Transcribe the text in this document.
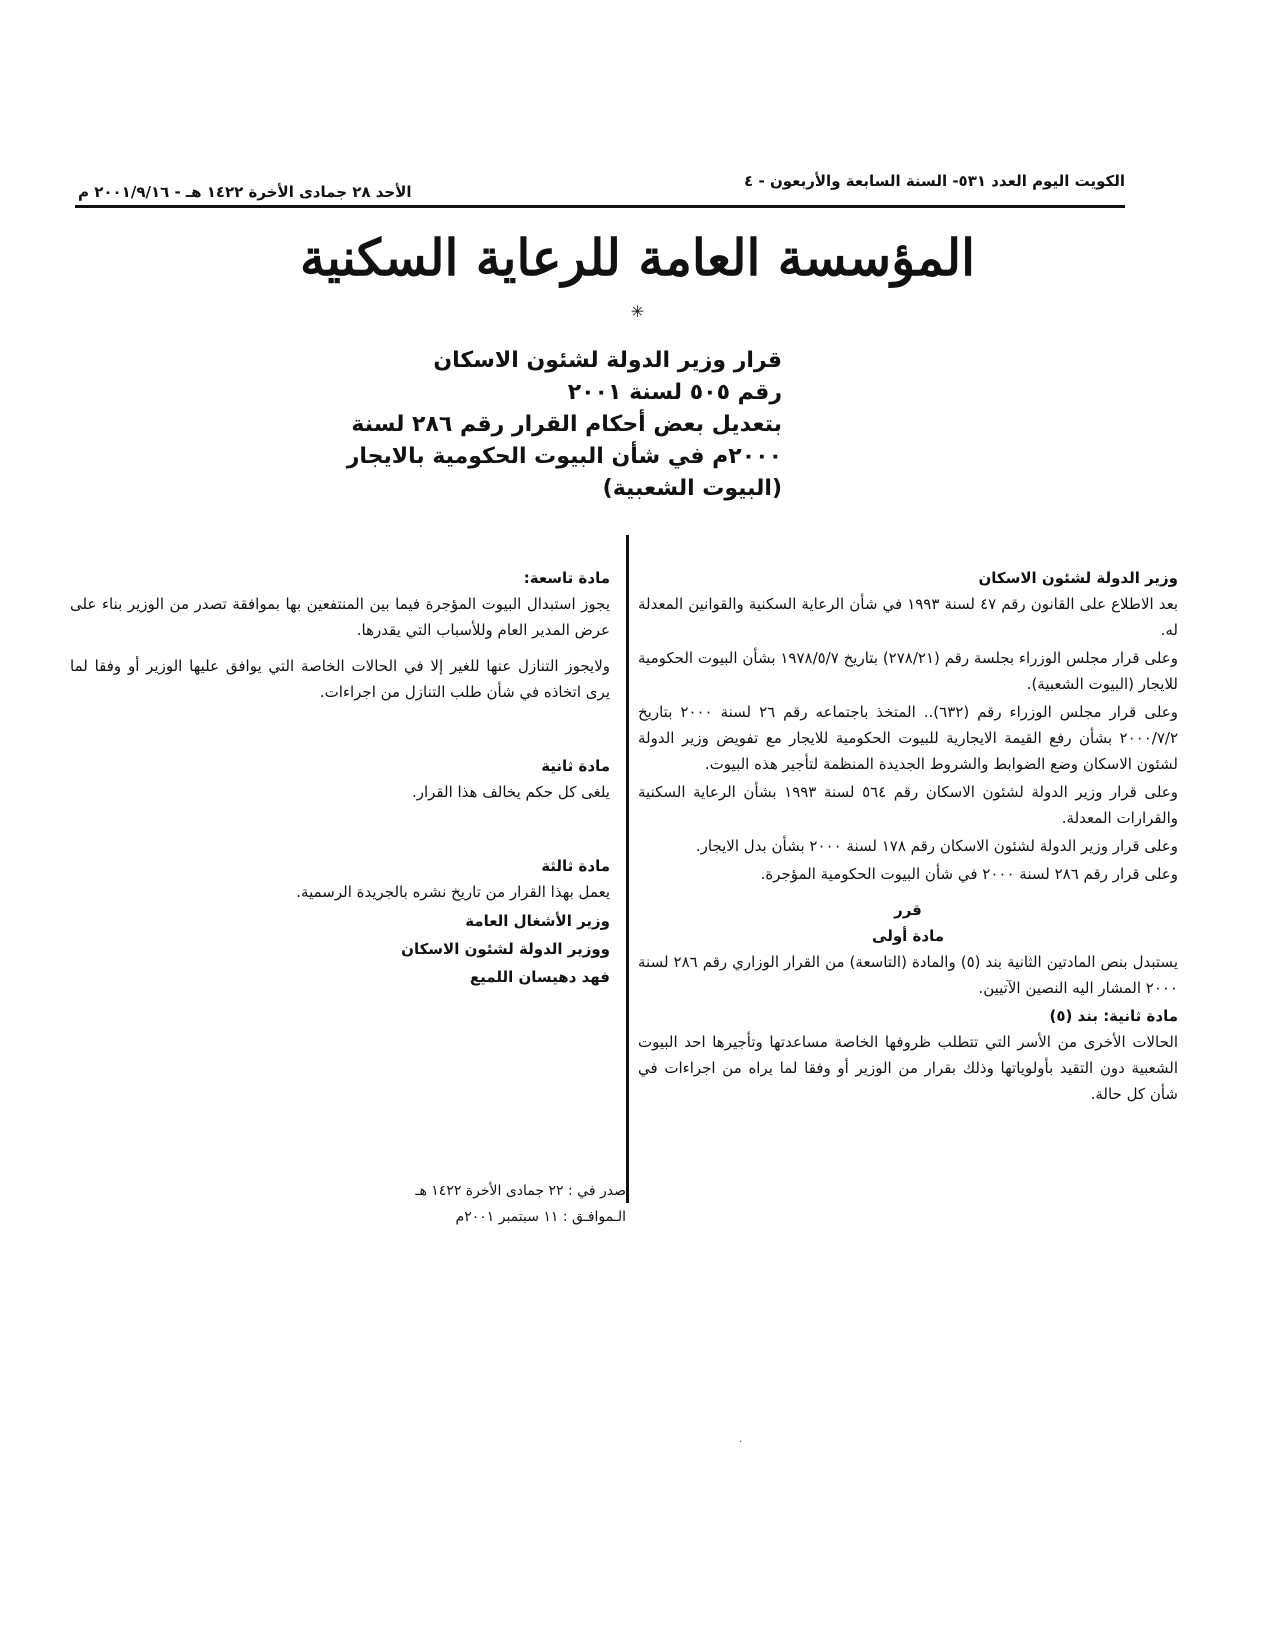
الكويت اليوم العدد ٥٣١- السنة السابعة والأربعون - ٤
الأحد ٢٨ جمادى الأخرة ١٤٢٢ هـ - ٢٠٠١/٩/١٦ م
المؤسسة العامة للرعاية السكنية
✳
قرار وزير الدولة لشئون الاسكان
رقم ٥٠٥ لسنة ٢٠٠١
بتعديل بعض أحكام القرار رقم ٢٨٦ لسنة
٢٠٠٠م في شأن البيوت الحكومية بالايجار
(البيوت الشعبية)

وزير الدولة لشئون الاسكان

بعد الاطلاع على القانون رقم ٤٧ لسنة ١٩٩٣ في شأن الرعاية السكنية والقوانين المعدلة له.

وعلى قرار مجلس الوزراء بجلسة رقم (٢٧٨/٢١) بتاريخ ١٩٧٨/٥/٧ بشأن البيوت الحكومية للايجار (البيوت الشعبية).

وعلى قرار مجلس الوزراء رقم (٦٣٢).. المتخذ باجتماعه رقم ٢٦ لسنة ٢٠٠٠ بتاريخ ٢٠٠٠/٧/٢ بشأن رفع القيمة الايجارية للبيوت الحكومية للايجار مع تفويض وزير الدولة لشئون الاسكان وضع الضوابط والشروط الجديدة المنظمة لتأجير هذه البيوت.

وعلى قرار وزير الدولة لشئون الاسكان رقم ٥٦٤ لسنة ١٩٩٣ بشأن الرعاية السكنية والقرارات المعدلة.

وعلى قرار وزير الدولة لشئون الاسكان رقم ١٧٨ لسنة ٢٠٠٠ بشأن بدل الايجار.

وعلى قرار رقم ٢٨٦ لسنة ٢٠٠٠ في شأن البيوت الحكومية المؤجرة.

قرر

مادة أولى

يستبدل بنص المادتين الثانية بند (٥) والمادة (التاسعة) من القرار الوزاري رقم ٢٨٦ لسنة ٢٠٠٠ المشار اليه النصين الآتيين.

مادة ثانية: بند (٥)

الحالات الأخرى من الأسر التي تتطلب ظروفها الخاصة مساعدتها وتأجيرها احد البيوت الشعبية دون التقيد بأولوياتها وذلك بقرار من الوزير أو وفقا لما يراه من اجراءات في شأن كل حالة.

مادة تاسعة:

يجوز استبدال البيوت المؤجرة فيما بين المنتفعين بها بموافقة تصدر من الوزير بناء على عرض المدير العام وللأسباب التي يقدرها.

ولايجوز التنازل عنها للغير إلا في الحالات الخاصة التي يوافق عليها الوزير أو وفقا لما يرى اتخاذه في شأن طلب التنازل من اجراءات.

مادة ثانية

يلغى كل حكم يخالف هذا القرار.

مادة ثالثة

يعمل بهذا القرار من تاريخ نشره بالجريدة الرسمية.

وزير الأشغال العامة

ووزير الدولة لشئون الاسكان

فهد دهيسان اللميع

صدر في : ٢٢ جمادى الأخرة ١٤٢٢ هـ
الـموافـق : ١١ سبتمبر ٢٠٠١م
٠
